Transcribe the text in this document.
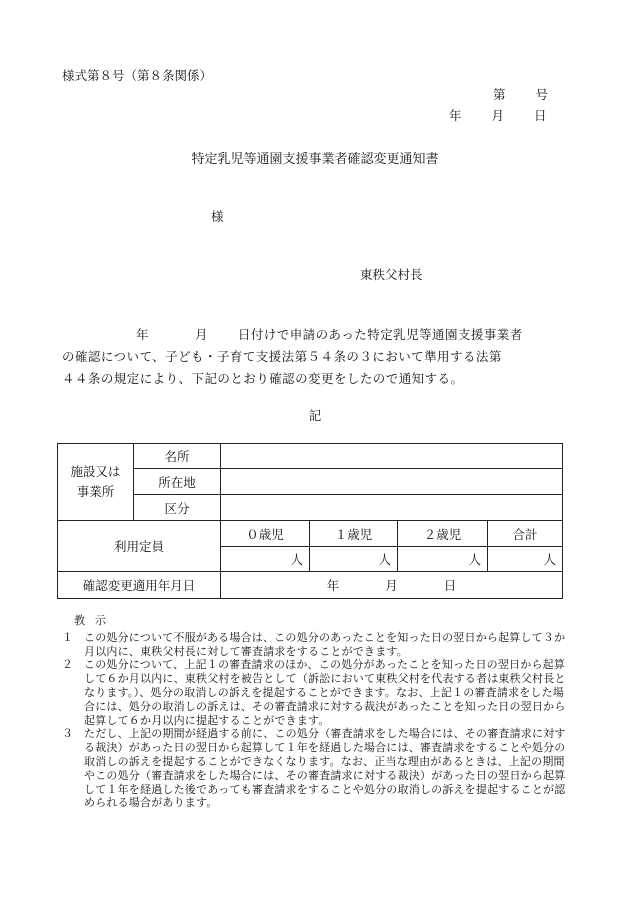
様式第８号（第８条関係）
第 号
年 月 日
特定乳児等通園支援事業者確認変更通知書
様
東秩父村長
年	月 日付けで申請のあった特定乳児等通園支援事業者
の確認について、子ども・子育て支援法第５４条の３において準用する法第
４４条の規定により、下記のとおり確認の変更をしたので通知する。
記
施設又は
事業所	名所				
	所在地				
	区分				
利用定員		０歳児	１歳児	２歳児	合計
		人	人	人	人
確認変更適用年月日		年 月 日			
教示
１	この処分について不服がある場合は、この処分のあったことを知った日の翌日から起算して３か月以内に、東秩父村長に対して審査請求をすることができます。
２	この処分について、上記１の審査請求のほか、この処分があったことを知った日の翌日から起算して６か月以内に、東秩父村を被告として（訴訟において東秩父村を代表する者は東秩父村長となります。）、処分の取消しの訴えを提起することができます。なお、上記１の審査請求をした場合には、処分の取消しの訴えは、その審査請求に対する裁決があったことを知った日の翌日から起算して６か月以内に提起することができます。
３	ただし、上記の期間が経過する前に、この処分（審査請求をした場合には、その審査請求に対する裁決）があった日の翌日から起算して１年を経過した場合には、審査請求をすることや処分の取消しの訴えを提起することができなくなります。なお、正当な理由があるときは、上記の期間やこの処分（審査請求をした場合には、その審査請求に対する裁決）があった日の翌日から起算して１年を経過した後であっても審査請求をすることや処分の取消しの訴えを提起することが認められる場合があります。
